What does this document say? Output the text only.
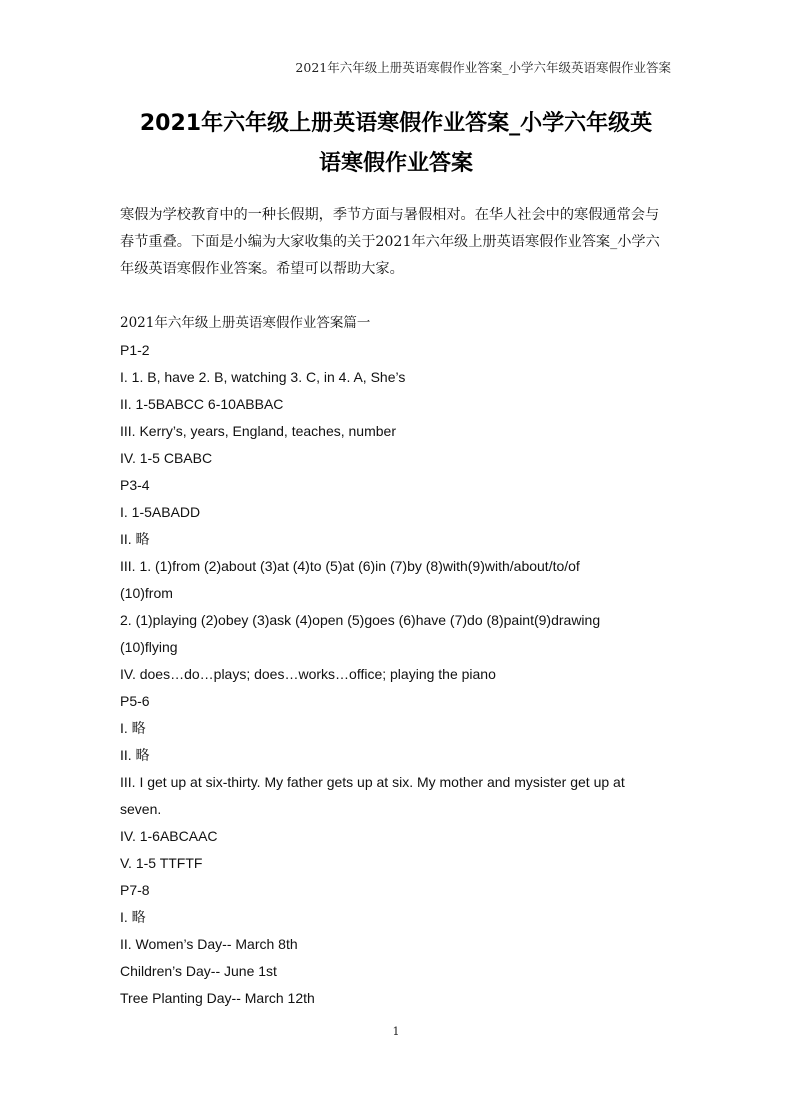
2021年六年级上册英语寒假作业答案_小学六年级英语寒假作业答案
2021年六年级上册英语寒假作业答案_小学六年级英
语寒假作业答案

寒假为学校教育中的一种长假期，季节方面与暑假相对。在华人社会中的寒假通常会与春节重叠。下面是小编为大家收集的关于2021年六年级上册英语寒假作业答案_小学六年级英语寒假作业答案。希望可以帮助大家。

2021年六年级上册英语寒假作业答案篇一
P1-2
I. 1. B, have 2. B, watching 3. C, in 4. A, She’s
II. 1-5BABCC 6-10ABBAC
III. Kerry’s, years, England, teaches, number
IV. 1-5 CBABC
P3-4
I. 1-5ABADD
II. 略
III. 1. (1)from (2)about (3)at (4)to (5)at (6)in (7)by (8)with(9)with/about/to/of
(10)from
2. (1)playing (2)obey (3)ask (4)open (5)goes (6)have (7)do (8)paint(9)drawing
(10)flying
IV. does…do…plays; does…works…office; playing the piano
P5-6
I. 略
II. 略
III. I get up at six-thirty. My father gets up at six. My mother and mysister get up at
seven.
IV. 1-6ABCAAC
V. 1-5 TTFTF
P7-8
I. 略
II. Women’s Day-- March 8th
Children’s Day-- June 1st
Tree Planting Day-- March 12th
1
